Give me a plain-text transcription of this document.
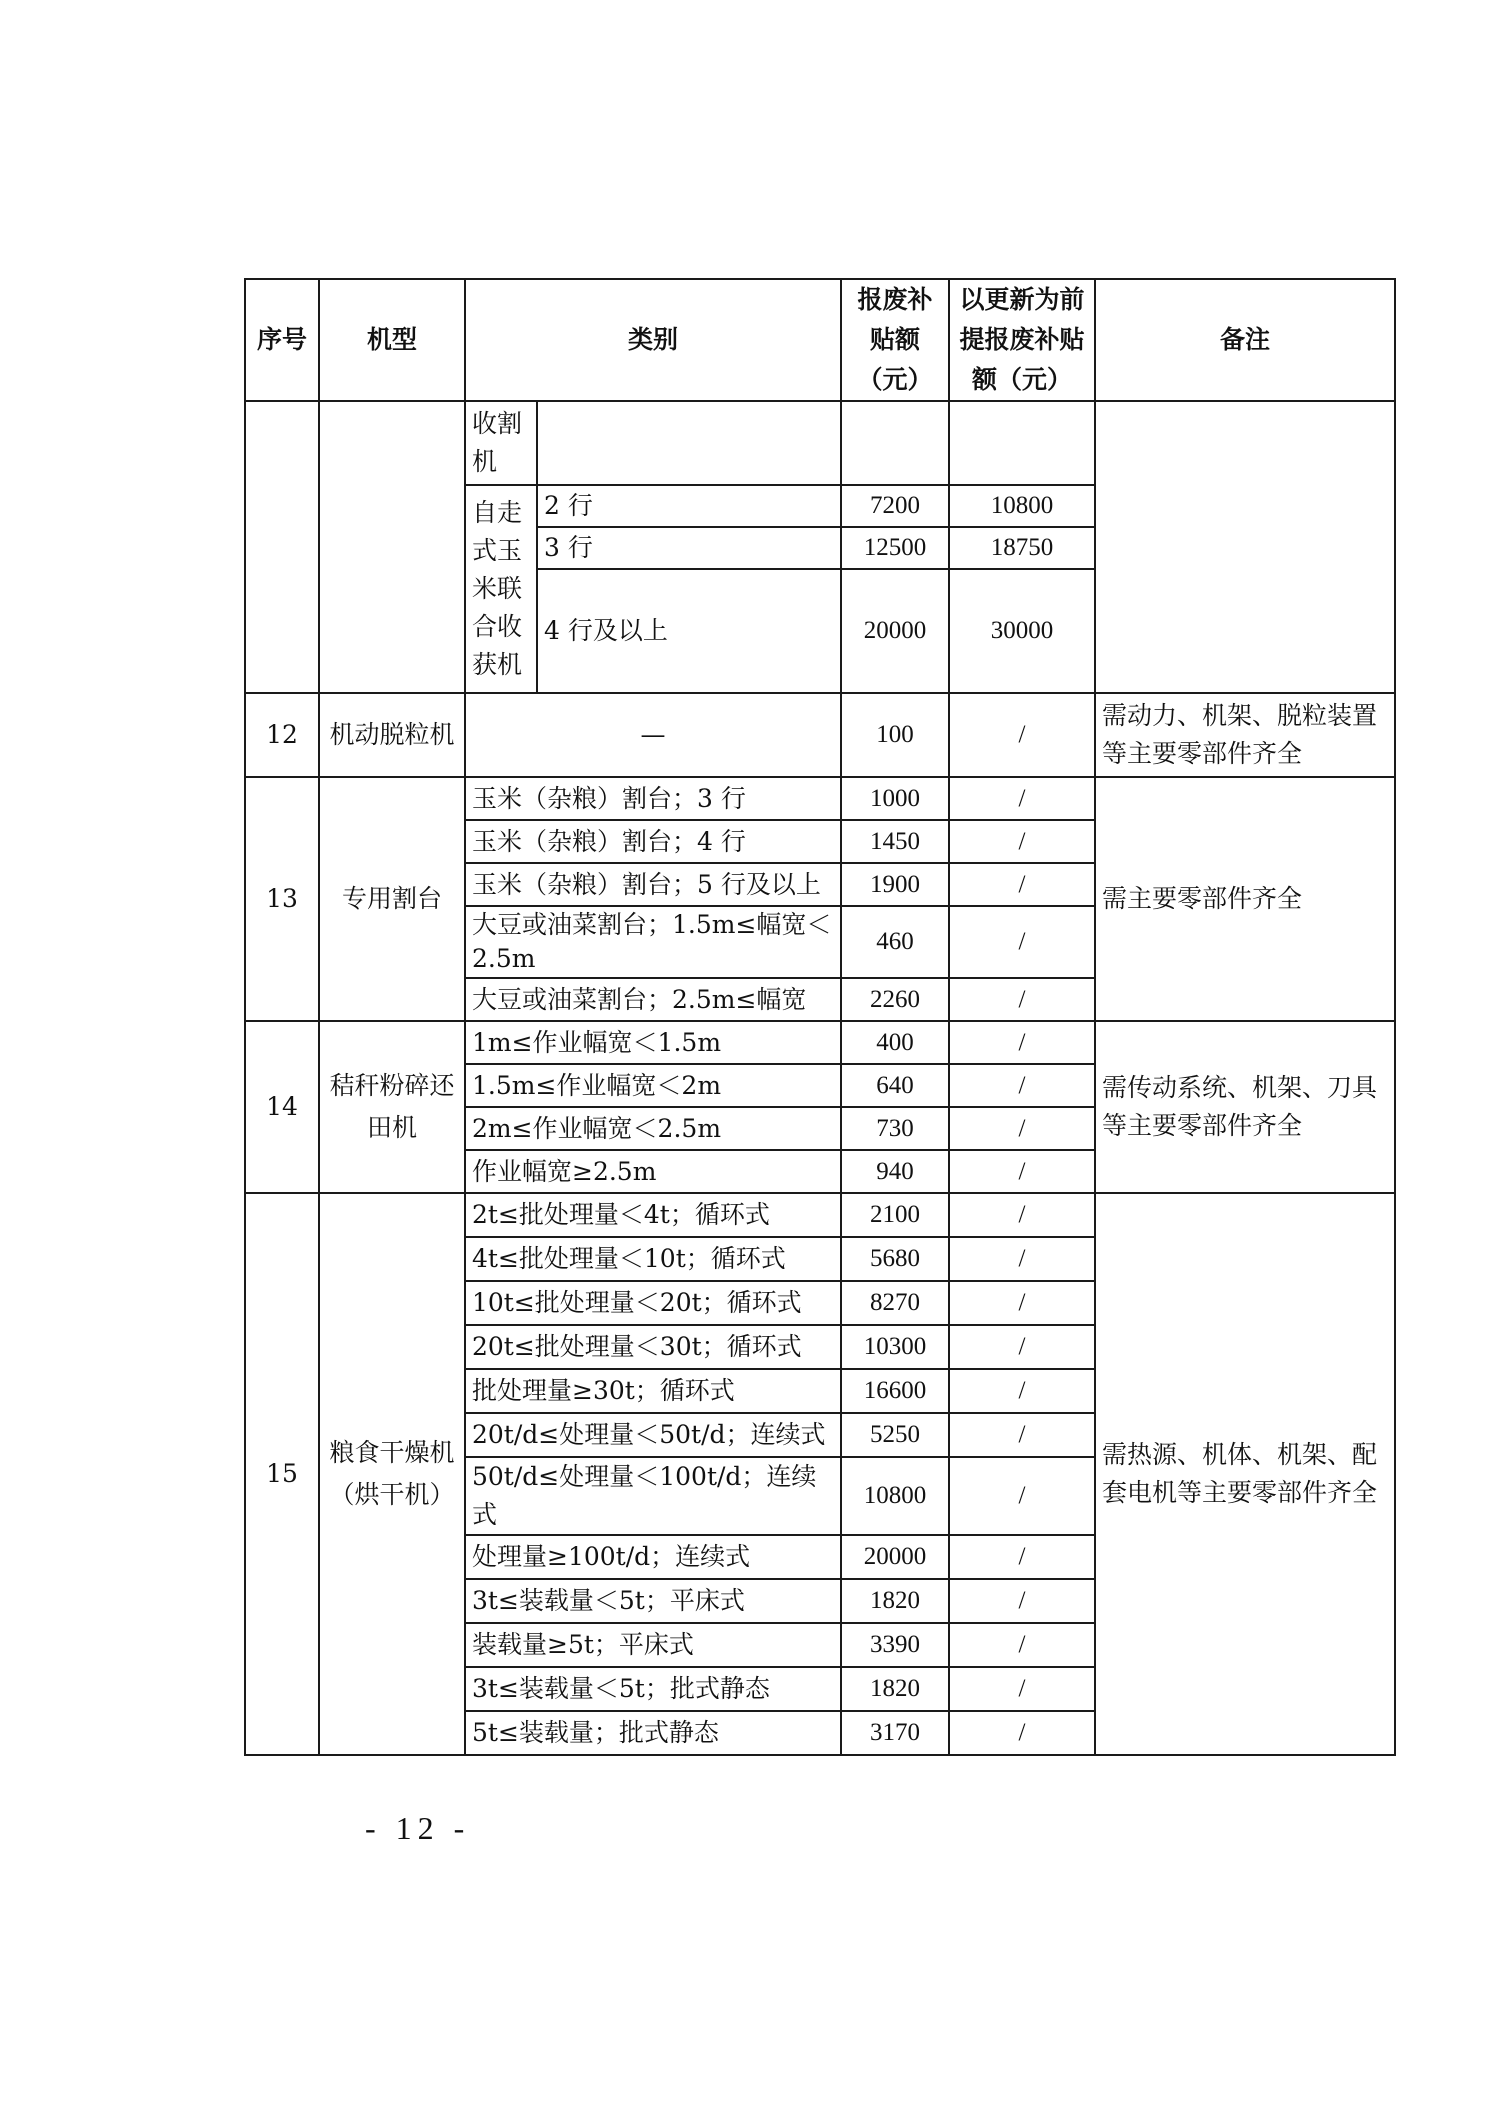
序号	机型	类别		报废补贴额（元）	以更新为前提报废补贴额（元）	备注
		收割机				
		自走式玉米联合收获机	2 行	7200	10800	
			3 行	12500	18750	
			4 行及以上	20000	30000	
12	机动脱粒机	—		100	/	需动力、机架、脱粒装置等主要零部件齐全
13	专用割台	玉米（杂粮）割台；3 行		1000	/	需主要零部件齐全
		玉米（杂粮）割台；4 行		1450	/	
		玉米（杂粮）割台；5 行及以上		1900	/	
		大豆或油菜割台；1.5m≤幅宽＜2.5m		460	/	
		大豆或油菜割台；2.5m≤幅宽		2260	/	
14	秸秆粉碎还田机	1m≤作业幅宽＜1.5m		400	/	需传动系统、机架、刀具等主要零部件齐全
		1.5m≤作业幅宽＜2m		640	/	
		2m≤作业幅宽＜2.5m		730	/	
		作业幅宽≥2.5m		940	/	
15	粮食干燥机（烘干机）	2t≤批处理量＜4t；循环式		2100	/	需热源、机体、机架、配套电机等主要零部件齐全
		4t≤批处理量＜10t；循环式		5680	/	
		10t≤批处理量＜20t；循环式		8270	/	
		20t≤批处理量＜30t；循环式		10300	/	
		批处理量≥30t；循环式		16600	/	
		20t/d≤处理量＜50t/d；连续式		5250	/	
		50t/d≤处理量＜100t/d；连续式		10800	/	
		处理量≥100t/d；连续式		20000	/	
		3t≤装载量＜5t；平床式		1820	/	
		装载量≥5t；平床式		3390	/	
		3t≤装载量＜5t；批式静态		1820	/	
		5t≤装载量；批式静态		3170	/	
- 12 -
